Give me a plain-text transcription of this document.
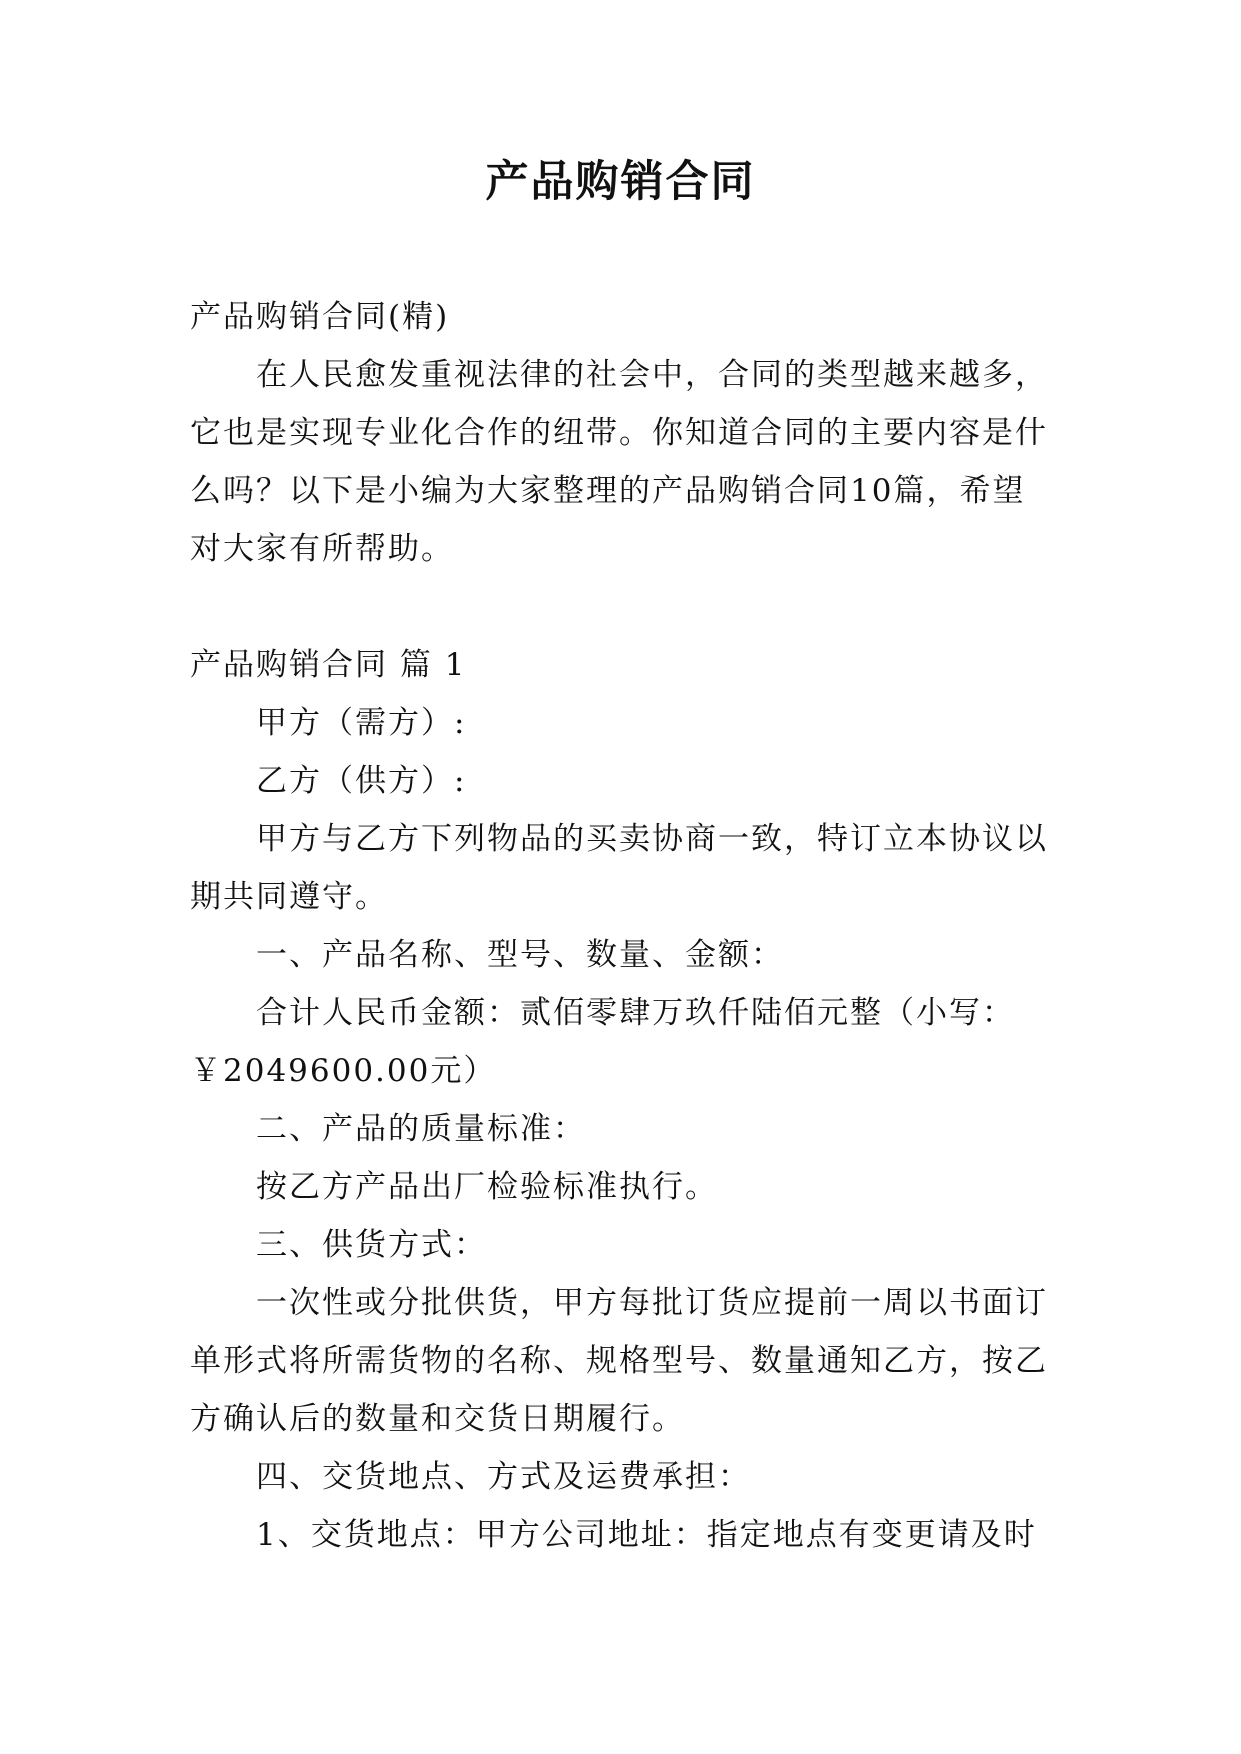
产品购销合同

产品购销合同(精)

在人民愈发重视法律的社会中，合同的类型越来越多，

它也是实现专业化合作的纽带。你知道合同的主要内容是什

么吗？以下是小编为大家整理的产品购销合同10篇，希望

对大家有所帮助。

产品购销合同 篇 1

甲方（需方）:

乙方（供方）:

甲方与乙方下列物品的买卖协商一致，特订立本协议以

期共同遵守。

一、产品名称、型号、数量、金额：

合计人民币金额：贰佰零肆万玖仟陆佰元整（小写：

￥2049600.00元）

二、产品的质量标准：

按乙方产品出厂检验标准执行。

三、供货方式：

一次性或分批供货，甲方每批订货应提前一周以书面订

单形式将所需货物的名称、规格型号、数量通知乙方，按乙

方确认后的数量和交货日期履行。

四、交货地点、方式及运费承担：

1、交货地点：甲方公司地址：指定地点有变更请及时
